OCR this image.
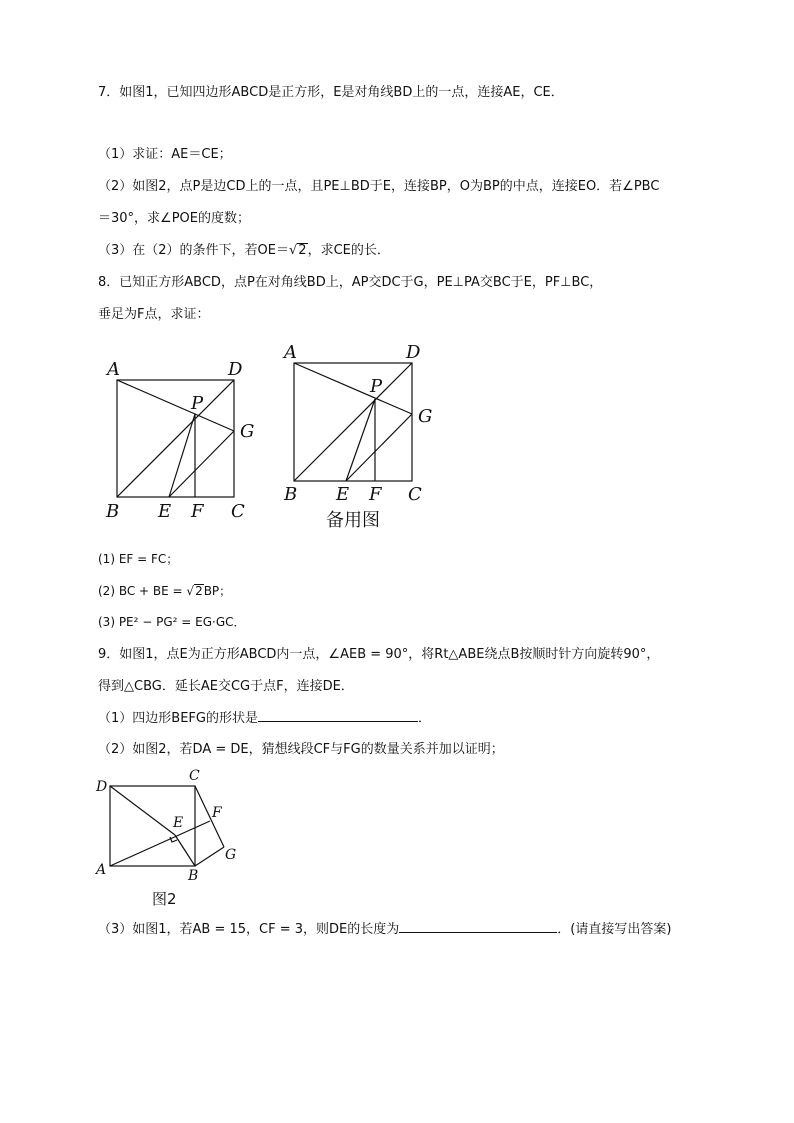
7．如图1，已知四边形ABCD是正方形，E是对角线BD上的一点，连接AE，CE．
（1）求证：AE＝CE；
（2）如图2，点P是边CD上的一点，且PE⊥BD于E，连接BP，O为BP的中点，连接EO．若∠PBC
＝30°，求∠POE的度数；
（3）在（2）的条件下，若OE＝√2，求CE的长．
8．已知正方形ABCD，点P在对角线BD上，AP交DC于G，PE⊥PA交BC于E，PF⊥BC，
垂足为F点，求证：
A	D
P
G
B E F C
A	D
P
G
B E F C
备用图
(1) EF = FC；
(2) BC + BE = √2BP；
(3) PE² − PG² = EG·GC．
9．如图1，点E为正方形ABCD内一点，∠AEB = 90°，将Rt△ABE绕点B按顺时针方向旋转90°，
得到△CBG．延长AE交CG于点F，连接DE．
（1）四边形BEFG的形状是	．
（2）如图2，若DA = DE，猜想线段CF与FG的数量关系并加以证明；
D
C
E
F
G
A	B
图2
（3）如图1，若AB = 15，CF = 3，则DE的长度为	．(请直接写出答案)
